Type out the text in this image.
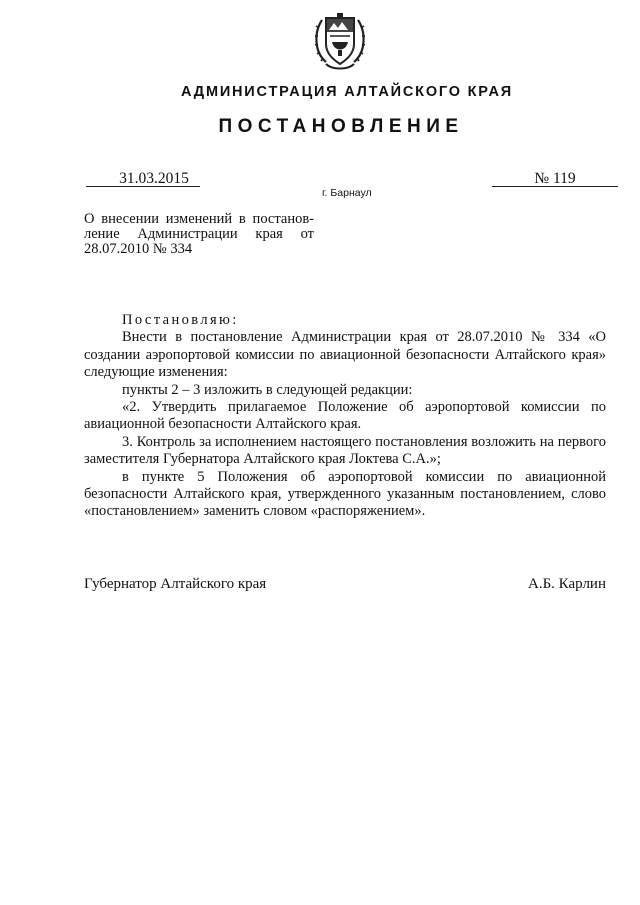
АДМИНИСТРАЦИЯ АЛТАЙСКОГО КРАЯ
ПОСТАНОВЛЕНИЕ
31.03.2015
г. Барнаул
№ 119
О внесении изменений в постанов-
ление Администрации края от
28.07.2010 № 334

Постановляю:

Внести в постановление Администрации края от 28.07.2010 № 334 «О создании аэропортовой комиссии по авиационной безопасности Алтайского края» следующие изменения:

пункты 2 – 3 изложить в следующей редакции:

«2. Утвердить прилагаемое Положение об аэропортовой комиссии по авиационной безопасности Алтайского края.

3. Контроль за исполнением настоящего постановления возложить на первого заместителя Губернатора Алтайского края Локтева С.А.»;

в пункте 5 Положения об аэропортовой комиссии по авиационной безопасности Алтайского края, утвержденного указанным постановлением, слово «постановлением» заменить словом «распоряжением».

Губернатор Алтайского края	А.Б. Карлин
